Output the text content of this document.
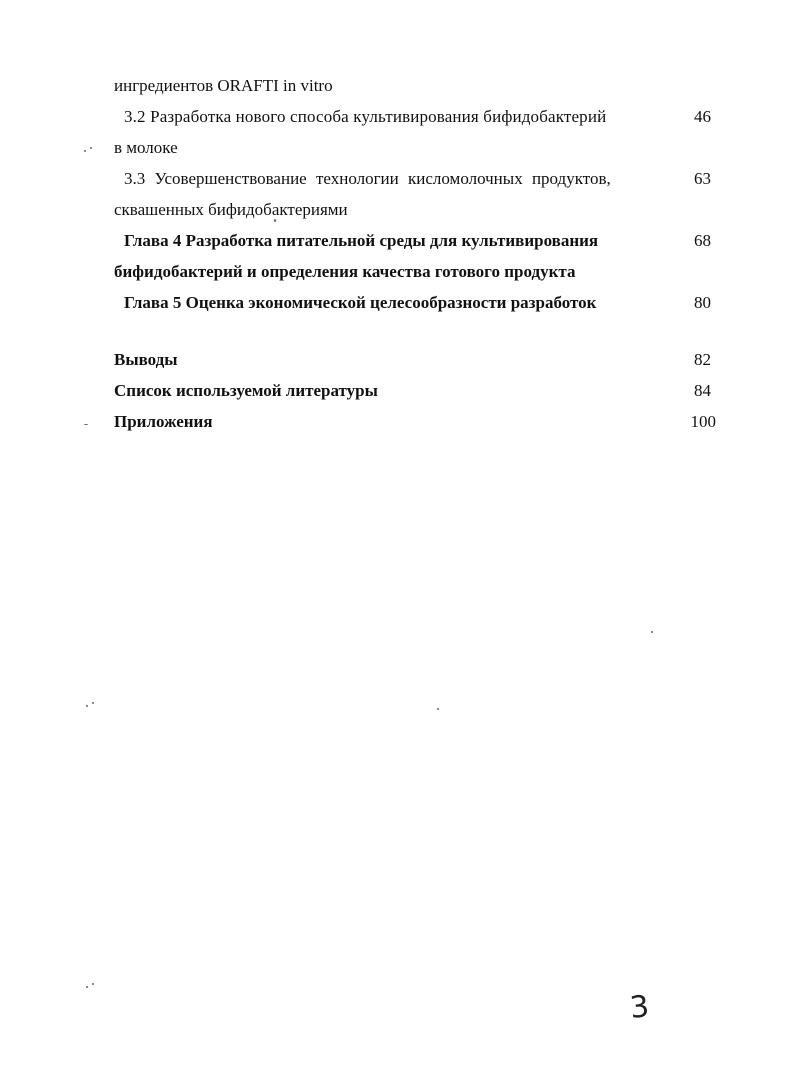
ингредиентов ORAFTI in vitro
3.2 Разработка нового способа культивирования бифидобактерий	46
в молоке
3.3 Усовершенствование технологии кисломолочных продуктов,	63
сквашенных бифидобактериями
Глава 4 Разработка питательной среды для культивирования	68
бифидобактерий и определения качества готового продукта
Глава 5 Оценка экономической целесообразности разработок	80
Выводы	82
Список используемой литературы	84
Приложения	100
3
